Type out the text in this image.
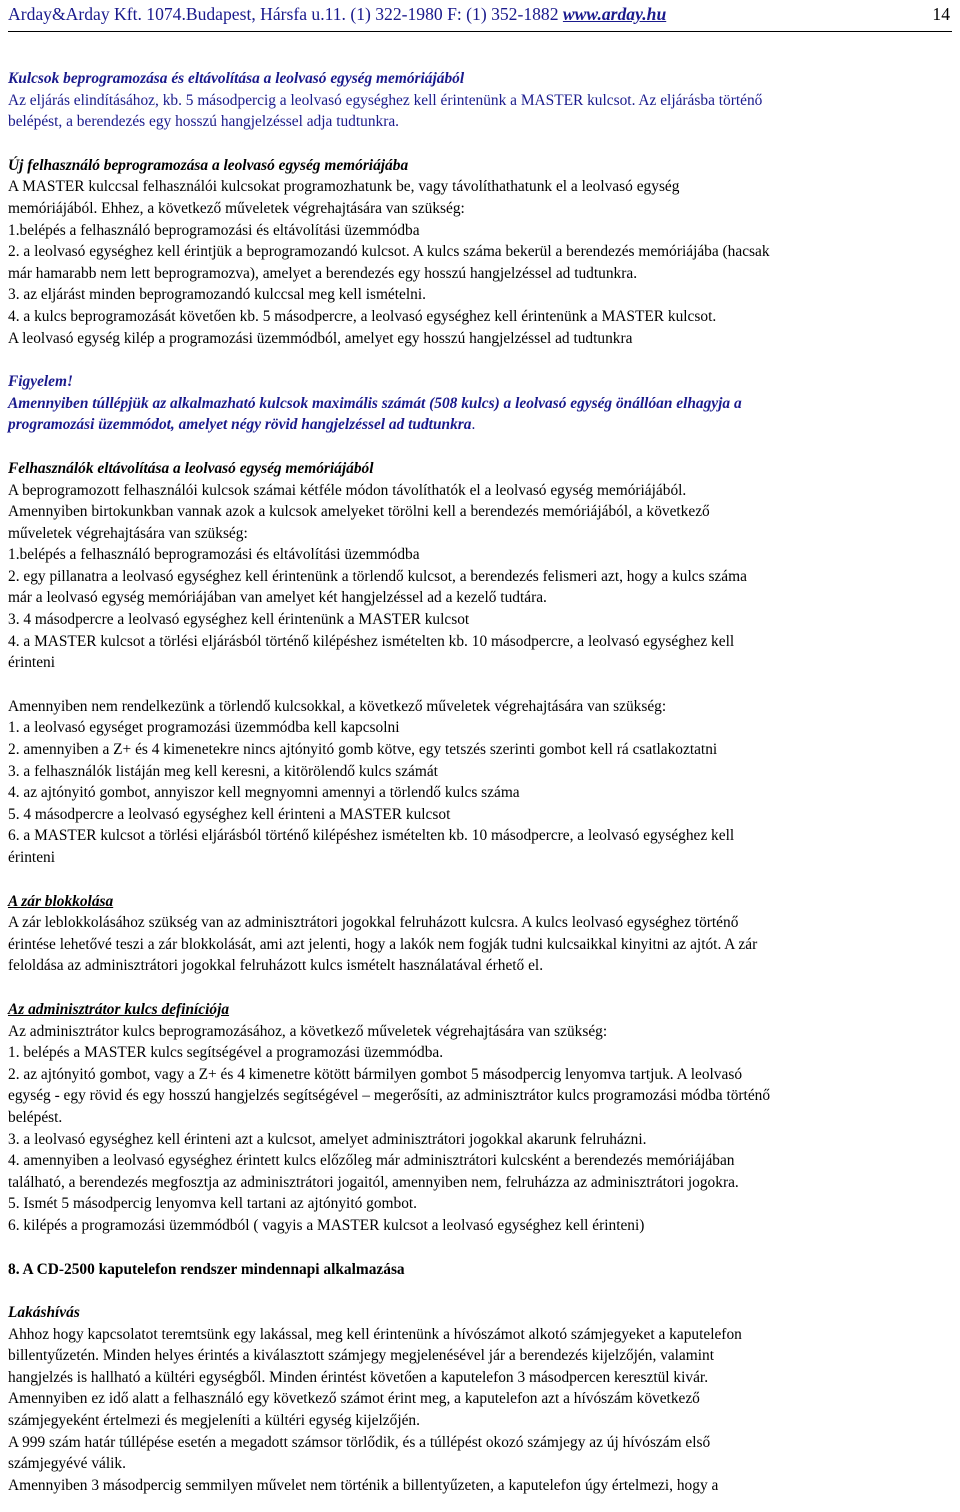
Arday&Arday Kft. 1074.Budapest, Hársfa u.11. (1) 322-1980 F: (1) 352-1882 www.arday.hu	14
Kulcsok beprogramozása és eltávolítása a leolvasó egység memóriájából
Az eljárás elindításához, kb. 5 másodpercig a leolvasó egységhez kell érintenünk a MASTER kulcsot. Az eljárásba történő
belépést, a berendezés egy hosszú hangjelzéssel adja tudtunkra.
Új felhasználó beprogramozása a leolvasó egység memóriájába
A MASTER kulccsal felhasználói kulcsokat programozhatunk be, vagy távolíthathatunk el a leolvasó egység
memóriájából. Ehhez, a következő műveletek végrehajtására van szükség:
1.belépés a felhasználó beprogramozási és eltávolítási üzemmódba
2. a leolvasó egységhez kell érintjük a beprogramozandó kulcsot. A kulcs száma bekerül a berendezés memóriájába (hacsak
már hamarabb nem lett beprogramozva), amelyet a berendezés egy hosszú hangjelzéssel ad tudtunkra.
3. az eljárást minden beprogramozandó kulccsal meg kell ismételni.
4. a kulcs beprogramozását követően kb. 5 másodpercre, a leolvasó egységhez kell érintenünk a MASTER kulcsot.
A leolvasó egység kilép a programozási üzemmódból, amelyet egy hosszú hangjelzéssel ad tudtunkra
Figyelem!
Amennyiben túllépjük az alkalmazható kulcsok maximális számát (508 kulcs) a leolvasó egység önállóan elhagyja a
programozási üzemmódot, amelyet négy rövid hangjelzéssel ad tudtunkra.
Felhasználók eltávolítása a leolvasó egység memóriájából
A beprogramozott felhasználói kulcsok számai kétféle módon távolíthatók el a leolvasó egység memóriájából.
Amennyiben birtokunkban vannak azok a kulcsok amelyeket törölni kell a berendezés memóriájából, a következő
műveletek végrehajtására van szükség:
1.belépés a felhasználó beprogramozási és eltávolítási üzemmódba
2. egy pillanatra a leolvasó egységhez kell érintenünk a törlendő kulcsot, a berendezés felismeri azt, hogy a kulcs száma
már a leolvasó egység memóriájában van amelyet két hangjelzéssel ad a kezelő tudtára.
3. 4 másodpercre a leolvasó egységhez kell érintenünk a MASTER kulcsot
4. a MASTER kulcsot a törlési eljárásból történő kilépéshez ismételten kb. 10 másodpercre, a leolvasó egységhez kell
érinteni
Amennyiben nem rendelkezünk a törlendő kulcsokkal, a következő műveletek végrehajtására van szükség:
1. a leolvasó egységet programozási üzemmódba kell kapcsolni
2. amennyiben a Z+ és 4 kimenetekre nincs ajtónyitó gomb kötve, egy tetszés szerinti gombot kell rá csatlakoztatni
3. a felhasználók listáján meg kell keresni, a kitörölendő kulcs számát
4. az ajtónyitó gombot, annyiszor kell megnyomni amennyi a törlendő kulcs száma
5. 4 másodpercre a leolvasó egységhez kell érinteni a MASTER kulcsot
6. a MASTER kulcsot a törlési eljárásból történő kilépéshez ismételten kb. 10 másodpercre, a leolvasó egységhez kell
érinteni
A zár blokkolása
A zár leblokkolásához szükség van az adminisztrátori jogokkal felruházott kulcsra. A kulcs leolvasó egységhez történő
érintése lehetővé teszi a zár blokkolását, ami azt jelenti, hogy a lakók nem fogják tudni kulcsaikkal kinyitni az ajtót. A zár
feloldása az adminisztrátori jogokkal felruházott kulcs ismételt használatával érhető el.
Az adminisztrátor kulcs definíciója
Az adminisztrátor kulcs beprogramozásához, a következő műveletek végrehajtására van szükség:
1. belépés a MASTER kulcs segítségével a programozási üzemmódba.
2. az ajtónyitó gombot, vagy a Z+ és 4 kimenetre kötött bármilyen gombot 5 másodpercig lenyomva tartjuk. A leolvasó
egység - egy rövid és egy hosszú hangjelzés segítségével – megerősíti, az adminisztrátor kulcs programozási módba történő
belépést.
3. a leolvasó egységhez kell érinteni azt a kulcsot, amelyet adminisztrátori jogokkal akarunk felruházni.
4. amennyiben a leolvasó egységhez érintett kulcs előzőleg már adminisztrátori kulcsként a berendezés memóriájában
található, a berendezés megfosztja az adminisztrátori jogaitól, amennyiben nem, felruházza az adminisztrátori jogokra.
5. Ismét 5 másodpercig lenyomva kell tartani az ajtónyitó gombot.
6. kilépés a programozási üzemmódból ( vagyis a MASTER kulcsot a leolvasó egységhez kell érinteni)
8. A CD-2500 kaputelefon rendszer mindennapi alkalmazása
Lakáshívás
Ahhoz hogy kapcsolatot teremtsünk egy lakással, meg kell érintenünk a hívószámot alkotó számjegyeket a kaputelefon
billentyűzetén. Minden helyes érintés a kiválasztott számjegy megjelenésével jár a berendezés kijelzőjén, valamint
hangjelzés is hallható a kültéri egységből. Minden érintést követően a kaputelefon 3 másodpercen keresztül kivár.
Amennyiben ez idő alatt a felhasználó egy következő számot érint meg, a kaputelefon azt a hívószám következő
számjegyeként értelmezi és megjeleníti a kültéri egység kijelzőjén.
A 999 szám határ túllépése esetén a megadott számsor törlődik, és a túllépést okozó számjegy az új hívószám első
számjegyévé válik.
Amennyiben 3 másodpercig semmilyen művelet nem történik a billentyűzeten, a kaputelefon úgy értelmezi, hogy a
